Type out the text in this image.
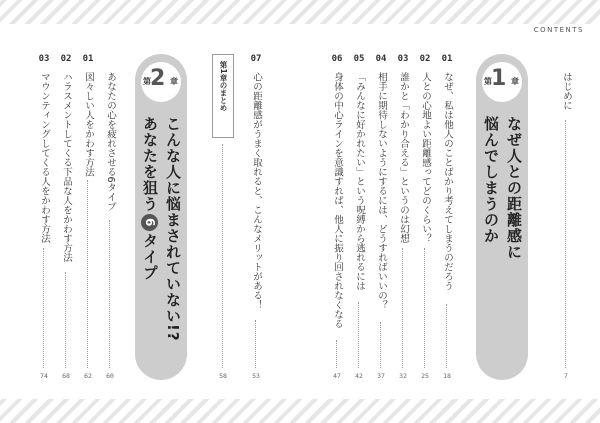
CONTENTS
はじめに
7
第 1 章
なぜ人との距離感に
悩んでしまうのか
01
なぜ、私は他人のことばかり考えてしまうのだろう
18
02
人との心地よい距離感ってどのくらい？
25
03
誰かと「わかり合える」というのは幻想
32
04
相手に期待しないようにするには、どうすればいいの？
37
05
「みんなに好かれたい」という呪縛から逃れるには
42
06
身体の中心ラインを意識すれば、他人に振り回されなくなる
47
07
心の距離感がうまく取れると、こんなメリットがある！
53
58
第1章のまとめ
第 2 章
こんな人に悩まされていない!?
あなたを狙う6タイプ
あなたの心を疲れさせる6タイプ
60
01
図々しい人をかわす方法
62
02
ハラスメントしてくる下品な人をかわす方法
68
03
マウンティングしてくる人をかわす方法
74
